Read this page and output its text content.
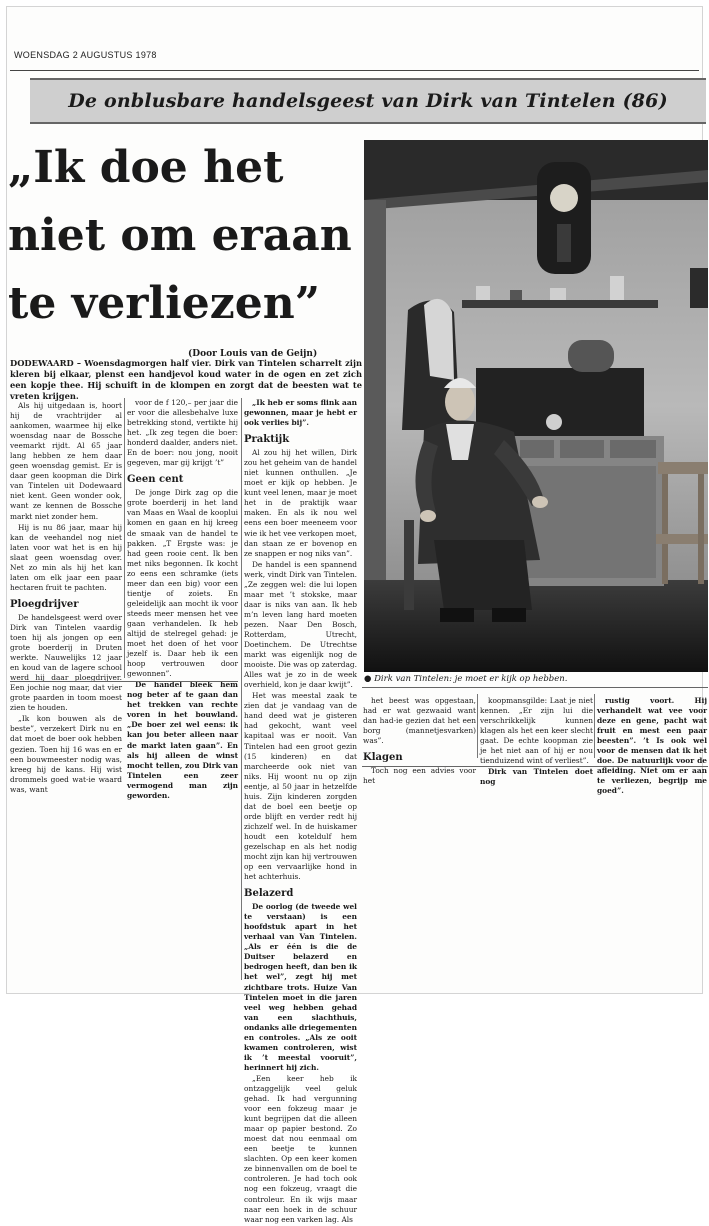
WOENSDAG 2 AUGUSTUS 1978
De onblusbare handelsgeest van Dirk van Tintelen (86)
„Ik doe het
niet om eraan
te verliezen”
(Door Louis van de Geijn)
DODEWAARD – Woensdagmorgen half vier. Dirk van Tintelen scharrelt zijn kleren bij elkaar, plenst een handjevol koud water in de ogen en zet zich een kopje thee. Hij schuift in de klompen en zorgt dat de beesten wat te vreten krijgen.

Als hij uitgedaan is, hoort hij de vrachtrijder al aankomen, waarmee hij elke woensdag naar de Bossche veemarkt rijdt. Al 65 jaar lang hebben ze hem daar geen woensdag gemist. Er is daar geen koopman die Dirk van Tintelen uit Dodewaard niet kent. Geen wonder ook, want ze kennen de Bossche markt niet zonder hem.

Hij is nu 86 jaar, maar hij kan de veehandel nog niet laten voor wat het is en hij slaat geen woensdag over. Net zo min als hij het kan laten om elk jaar een paar hectaren fruit te pachten.

Ploegdrijver

De handelsgeest werd over Dirk van Tintelen vaardig toen hij als jongen op een grote boerderij in Druten werkte. Nauwelijks 12 jaar en koud van de lagere school werd hij daar ploegdrijver. Een jochie nog maar, dat vier grote paarden in toom moest zien te houden.

„Ik kon bouwen als de beste”, verzekert Dirk nu en dat moet de boer ook hebben gezien. Toen hij 16 was en er een bouwmeester nodig was, kreeg hij de kans. Hij wist drommels goed wat-ie waard was, want

voor de f 120,– per jaar die er voor die allesbehalve luxe betrekking stond, vertikte hij het. „Ik zeg tegen die boer: honderd daalder, anders niet. En de boer: nou jong, nooit gegeven, mar gij krijgt ’t”

Geen cent

De jonge Dirk zag op die grote boerderij in het land van Maas en Waal de kooplui komen en gaan en hij kreeg de smaak van de handel te pakken. „T Ergste was: je had geen rooie cent. Ik ben met niks begonnen. Ik kocht zo eens een schramke (iets meer dan een big) voor een tientje of zoiets. En geleidelijk aan mocht ik voor steeds meer mensen het vee gaan verhandelen. Ik heb altijd de stelregel gehad: je moet het doen of het voor jezelf is. Daar heb ik een hoop vertrouwen door gewonnen”.

De handel bleek hem nog beter af te gaan dan het trekken van rechte voren in het bouwland. „De boer zei wel eens: ik kan jou beter alleen naar de markt laten gaan”. En als hij alleen de winst mocht tellen, zou Dirk van Tintelen een zeer vermogend man zijn geworden.

„Ik heb er soms flink aan gewonnen, maar je hebt er ook verlies bij”.

Praktijk

Al zou hij het willen, Dirk zou het geheim van de handel niet kunnen onthullen. „Je moet er kijk op hebben. Je kunt veel lenen, maar je moet het in de praktijk waar maken. En als ik nou wel eens een boer meeneem voor wie ik het vee verkopen moet, dan staan ze er bovenop en ze snappen er nog niks van”.

De handel is een spannend werk, vindt Dirk van Tintelen. „Ze zeggen wel: die lui lopen maar met ’t stokske, maar daar is niks van aan. Ik heb m’n leven lang hard moeten pezen. Naar Den Bosch, Rotterdam, Utrecht, Doetinchem. De Utrechtse markt was eigenlijk nog de mooiste. Die was op zaterdag. Alles wat je zo in de week overhield, kon je daar kwijt”.

Het was meestal zaak te zien dat je vandaag van de hand deed wat je gisteren had gekocht, want veel kapitaal was er nooit. Van Tintelen had een groot gezin (15 kinderen) en dat marcheerde ook niet van niks. Hij woont nu op zijn eentje, al 50 jaar in hetzelfde huis. Zijn kinderen zorgden dat de boel een beetje op orde blijft en verder redt hij zichzelf wel. In de huiskamer houdt een koteldulf hem gezelschap en als het nodig mocht zijn kan hij vertrouwen op een vervaarlijke hond in het achterhuis.

Belazerd

De oorlog (de tweede wel te verstaan) is een hoofdstuk apart in het verhaal van Van Tintelen. „Als er één is die de Duitser belazerd en bedrogen heeft, dan ben ik het wel”, zegt hij met zichtbare trots. Huize Van Tintelen moet in die jaren veel weg hebben gehad van een slachthuis, ondanks alle driegementen en controles. „Als ze ooit kwamen controleren, wist ik ’t meestal vooruit”, herinnert hij zich.

„Een keer heb ik ontzaggelijk veel geluk gehad. Ik had vergunning voor een fokzeug maar je kunt begrijpen dat die alleen maar op papier bestond. Zo moest dat nou eenmaal om een beetje te kunnen slachten. Op een keer komen ze binnenvallen om de boel te controleren. Je had toch ook nog een fokzeug, vraagt die controleur. En ik wijs maar naar een hoek in de schuur waar nog een varken lag. Als

● Dirk van Tintelen: je moet er kijk op hebben.

het beest was opgestaan, had er wat gezwaaid want dan had-ie gezien dat het een borg (mannetjesvarken) was”.

Klagen

Toch nog een advies voor het

koopmansgilde: Laat je niet kennen. „Er zijn lui die verschrikkelijk kunnen klagen als het een keer slecht gaat. De echte koopman zie je het niet aan of hij er nou tienduizend wint of verliest”.

Dirk van Tintelen doet nog

rustig voort. Hij verhandelt wat vee voor deze en gene, pacht wat fruit en mest een paar beesten”. ’t Is ook wel voor de mensen dat ik het doe. De natuurlijk voor de afleiding. Niet om er aan te verliezen, begrijp me goed”.
